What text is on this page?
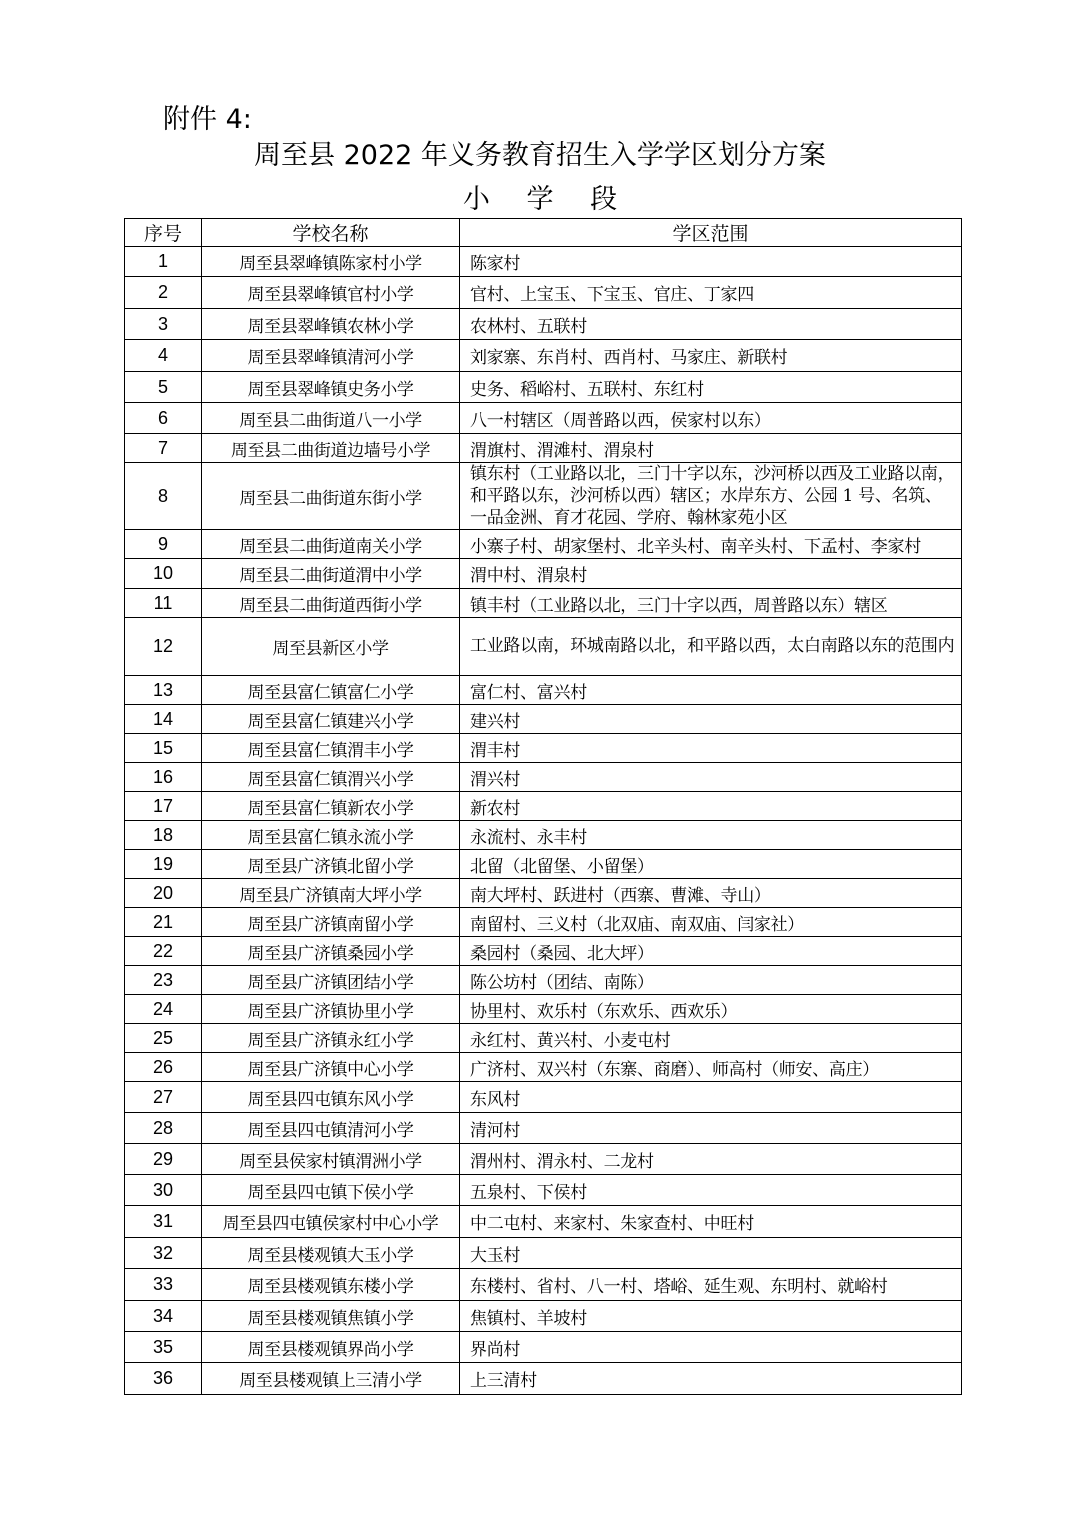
附件 4:
周至县 2022 年义务教育招生入学学区划分方案
小 学 段
序号	学校名称	学区范围
1	周至县翠峰镇陈家村小学	陈家村
2	周至县翠峰镇官村小学	官村、上宝玉、下宝玉、官庄、丁家四
3	周至县翠峰镇农林小学	农林村、五联村
4	周至县翠峰镇清河小学	刘家寨、东肖村、西肖村、马家庄、新联村
5	周至县翠峰镇史务小学	史务、稻峪村、五联村、东红村
6	周至县二曲街道八一小学	八一村辖区（周普路以西，侯家村以东）
7	周至县二曲街道边墙号小学	渭旗村、渭滩村、渭泉村
8	周至县二曲街道东街小学	镇东村（工业路以北，三门十字以东，沙河桥以西及工业路以南，和平路以东，沙河桥以西）辖区；水岸东方、公园 1 号、名筑、一品金洲、育才花园、学府、翰林家苑小区
9	周至县二曲街道南关小学	小寨子村、胡家堡村、北辛头村、南辛头村、下孟村、李家村
10	周至县二曲街道渭中小学	渭中村、渭泉村
11	周至县二曲街道西街小学	镇丰村（工业路以北，三门十字以西，周普路以东）辖区
12	周至县新区小学	工业路以南，环城南路以北，和平路以西，太白南路以东的范围内
13	周至县富仁镇富仁小学	富仁村、富兴村
14	周至县富仁镇建兴小学	建兴村
15	周至县富仁镇渭丰小学	渭丰村
16	周至县富仁镇渭兴小学	渭兴村
17	周至县富仁镇新农小学	新农村
18	周至县富仁镇永流小学	永流村、永丰村
19	周至县广济镇北留小学	北留（北留堡、小留堡）
20	周至县广济镇南大坪小学	南大坪村、跃进村（西寨、曹滩、寺山）
21	周至县广济镇南留小学	南留村、三义村（北双庙、南双庙、闫家社）
22	周至县广济镇桑园小学	桑园村（桑园、北大坪）
23	周至县广济镇团结小学	陈公坊村（团结、南陈）
24	周至县广济镇协里小学	协里村、欢乐村（东欢乐、西欢乐）
25	周至县广济镇永红小学	永红村、黄兴村、小麦屯村
26	周至县广济镇中心小学	广济村、双兴村（东寨、商磨）、师高村（师安、高庄）
27	周至县四屯镇东风小学	东风村
28	周至县四屯镇清河小学	清河村
29	周至县侯家村镇渭洲小学	渭州村、渭永村、二龙村
30	周至县四屯镇下侯小学	五泉村、下侯村
31	周至县四屯镇侯家村中心小学	中二屯村、来家村、朱家查村、中旺村
32	周至县楼观镇大玉小学	大玉村
33	周至县楼观镇东楼小学	东楼村、省村、八一村、塔峪、延生观、东明村、就峪村
34	周至县楼观镇焦镇小学	焦镇村、羊坡村
35	周至县楼观镇界尚小学	界尚村
36	周至县楼观镇上三清小学	上三清村
